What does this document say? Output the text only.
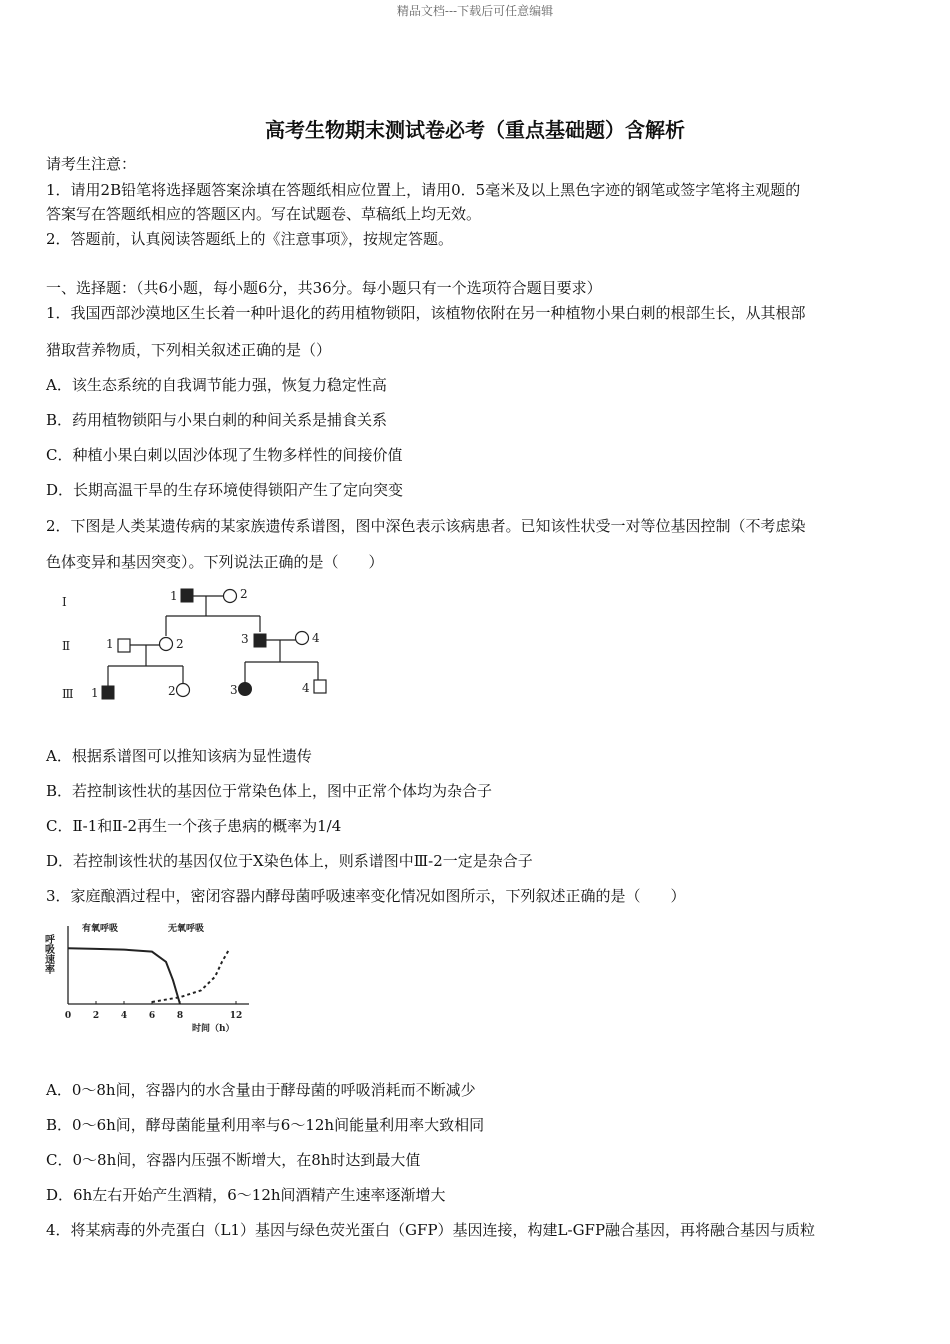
精品文档---下载后可任意编辑
高考生物期末测试卷必考（重点基础题）含解析
请考生注意：
1．请用2B铅笔将选择题答案涂填在答题纸相应位置上，请用0．5毫米及以上黑色字迹的钢笔或签字笔将主观题的
答案写在答题纸相应的答题区内。写在试题卷、草稿纸上均无效。
2．答题前，认真阅读答题纸上的《注意事项》，按规定答题。
一、选择题：（共6小题，每小题6分，共36分。每小题只有一个选项符合题目要求）
1．我国西部沙漠地区生长着一种叶退化的药用植物锁阳，该植物依附在另一种植物小果白刺的根部生长，从其根部
猎取营养物质，下列相关叙述正确的是（）
A．该生态系统的自我调节能力强，恢复力稳定性高
B．药用植物锁阳与小果白刺的种间关系是捕食关系
C．种植小果白刺以固沙体现了生物多样性的间接价值
D．长期高温干旱的生存环境使得锁阳产生了定向突变
2．下图是人类某遗传病的某家族遗传系谱图，图中深色表示该病患者。已知该性状受一对等位基因控制（不考虑染
色体变异和基因突变）。下列说法正确的是（　　）
Ⅰ
Ⅱ
Ⅲ
1	2
1	2	3	4
1	2	3	4
A．根据系谱图可以推知该病为显性遗传
B．若控制该性状的基因位于常染色体上，图中正常个体均为杂合子
C．Ⅱ-1和Ⅱ-2再生一个孩子患病的概率为1/4
D．若控制该性状的基因仅位于X染色体上，则系谱图中Ⅲ-2一定是杂合子
3．家庭酿酒过程中，密闭容器内酵母菌呼吸速率变化情况如图所示，下列叙述正确的是（　　）
呼吸速率
时间（h）
有氧呼吸	无氧呼吸
0 2 4 6 8	12
A．0～8h间，容器内的水含量由于酵母菌的呼吸消耗而不断减少
B．0～6h间，酵母菌能量利用率与6～12h间能量利用率大致相同
C．0～8h间，容器内压强不断增大，在8h时达到最大值
D．6h左右开始产生酒精，6～12h间酒精产生速率逐渐增大
4．将某病毒的外壳蛋白（L1）基因与绿色荧光蛋白（GFP）基因连接，构建L-GFP融合基因，再将融合基因与质粒
